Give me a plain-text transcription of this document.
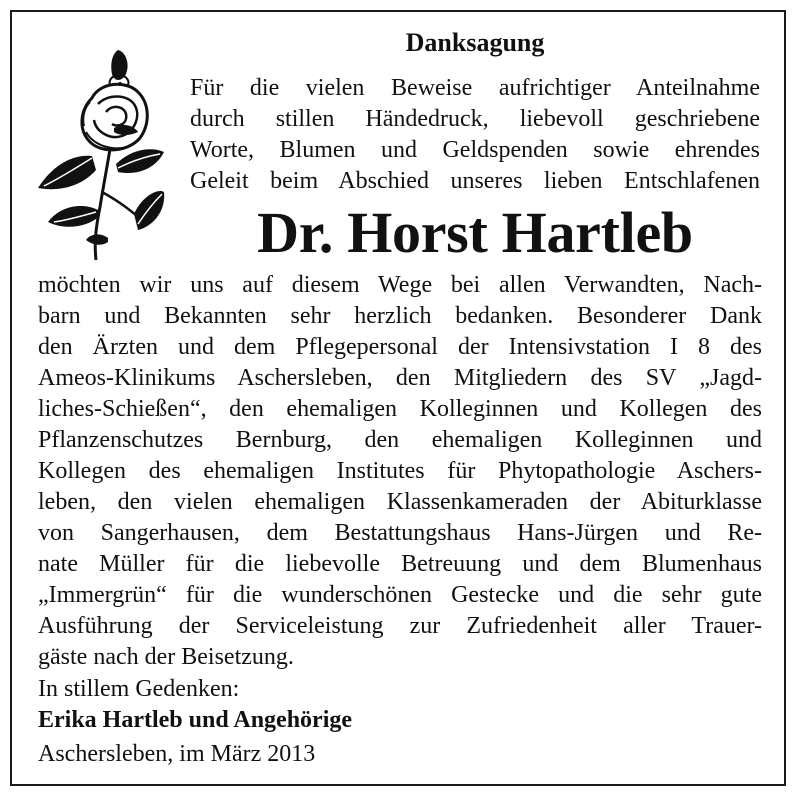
Danksagung
Für die vielen Beweise aufrichtiger Anteilnahme
durch stillen Händedruck, liebevoll geschriebene
Worte, Blumen und Geldspenden sowie ehrendes
Geleit beim Abschied unseres lieben Entschlafenen
Dr. Horst Hartleb
möchten wir uns auf diesem Wege bei allen Verwandten, Nach-
barn und Bekannten sehr herzlich bedanken. Besonderer Dank
den Ärzten und dem Pflegepersonal der Intensivstation I 8 des
Ameos-Klinikums Aschersleben, den Mitgliedern des SV „Jagd-
liches-Schießen“, den ehemaligen Kolleginnen und Kollegen des
Pflanzenschutzes Bernburg, den ehemaligen Kolleginnen und
Kollegen des ehemaligen Institutes für Phytopathologie Aschers-
leben, den vielen ehemaligen Klassenkameraden der Abiturklasse
von Sangerhausen, dem Bestattungshaus Hans-Jürgen und Re-
nate Müller für die liebevolle Betreuung und dem Blumenhaus
„Immergrün“ für die wunderschönen Gestecke und die sehr gute
Ausführung der Serviceleistung zur Zufriedenheit aller Trauer-
gäste nach der Beisetzung.
In stillem Gedenken:
Erika Hartleb und Angehörige
Aschersleben, im März 2013
